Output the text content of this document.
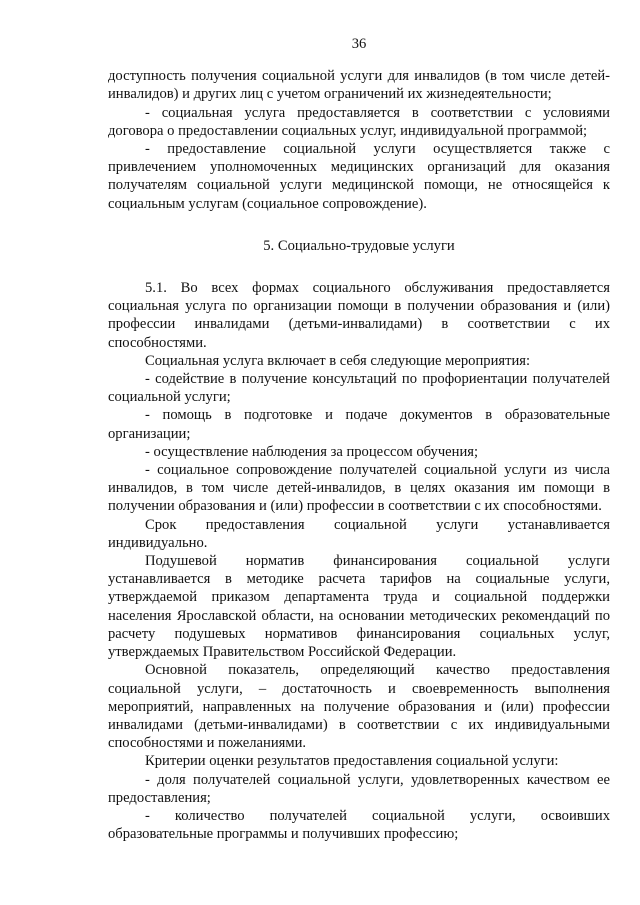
36

доступность получения социальной услуги для инвалидов (в том числе детей-инвалидов) и других лиц с учетом ограничений их жизнедеятельности;

- социальная услуга предоставляется в соответствии с условиями договора о предоставлении социальных услуг, индивидуальной программой;

- предоставление социальной услуги осуществляется также с привлечением уполномоченных медицинских организаций для оказания получателям социальной услуги медицинской помощи, не относящейся к социальным услугам (социальное сопровождение).

5. Социально-трудовые услуги

5.1. Во всех формах социального обслуживания предоставляется социальная услуга по организации помощи в получении образования и (или) профессии инвалидами (детьми-инвалидами) в соответствии с их способностями.

Социальная услуга включает в себя следующие мероприятия:

- содействие в получение консультаций по профориентации получателей социальной услуги;

- помощь в подготовке и подаче документов в образовательные организации;

- осуществление наблюдения за процессом обучения;

- социальное сопровождение получателей социальной услуги из числа инвалидов, в том числе детей-инвалидов, в целях оказания им помощи в получении образования и (или) профессии в соответствии с их способностями.

Срок предоставления социальной услуги устанавливается индивидуально.

Подушевой норматив финансирования социальной услуги устанавливается в методике расчета тарифов на социальные услуги, утверждаемой приказом департамента труда и социальной поддержки населения Ярославской области, на основании методических рекомендаций по расчету подушевых нормативов финансирования социальных услуг, утверждаемых Правительством Российской Федерации.

Основной показатель, определяющий качество предоставления социальной услуги, – достаточность и своевременность выполнения мероприятий, направленных на получение образования и (или) профессии инвалидами (детьми-инвалидами) в соответствии с их индивидуальными способностями и пожеланиями.

Критерии оценки результатов предоставления социальной услуги:

- доля получателей социальной услуги, удовлетворенных качеством ее предоставления;

- количество получателей социальной услуги, освоивших образовательные программы и получивших профессию;
